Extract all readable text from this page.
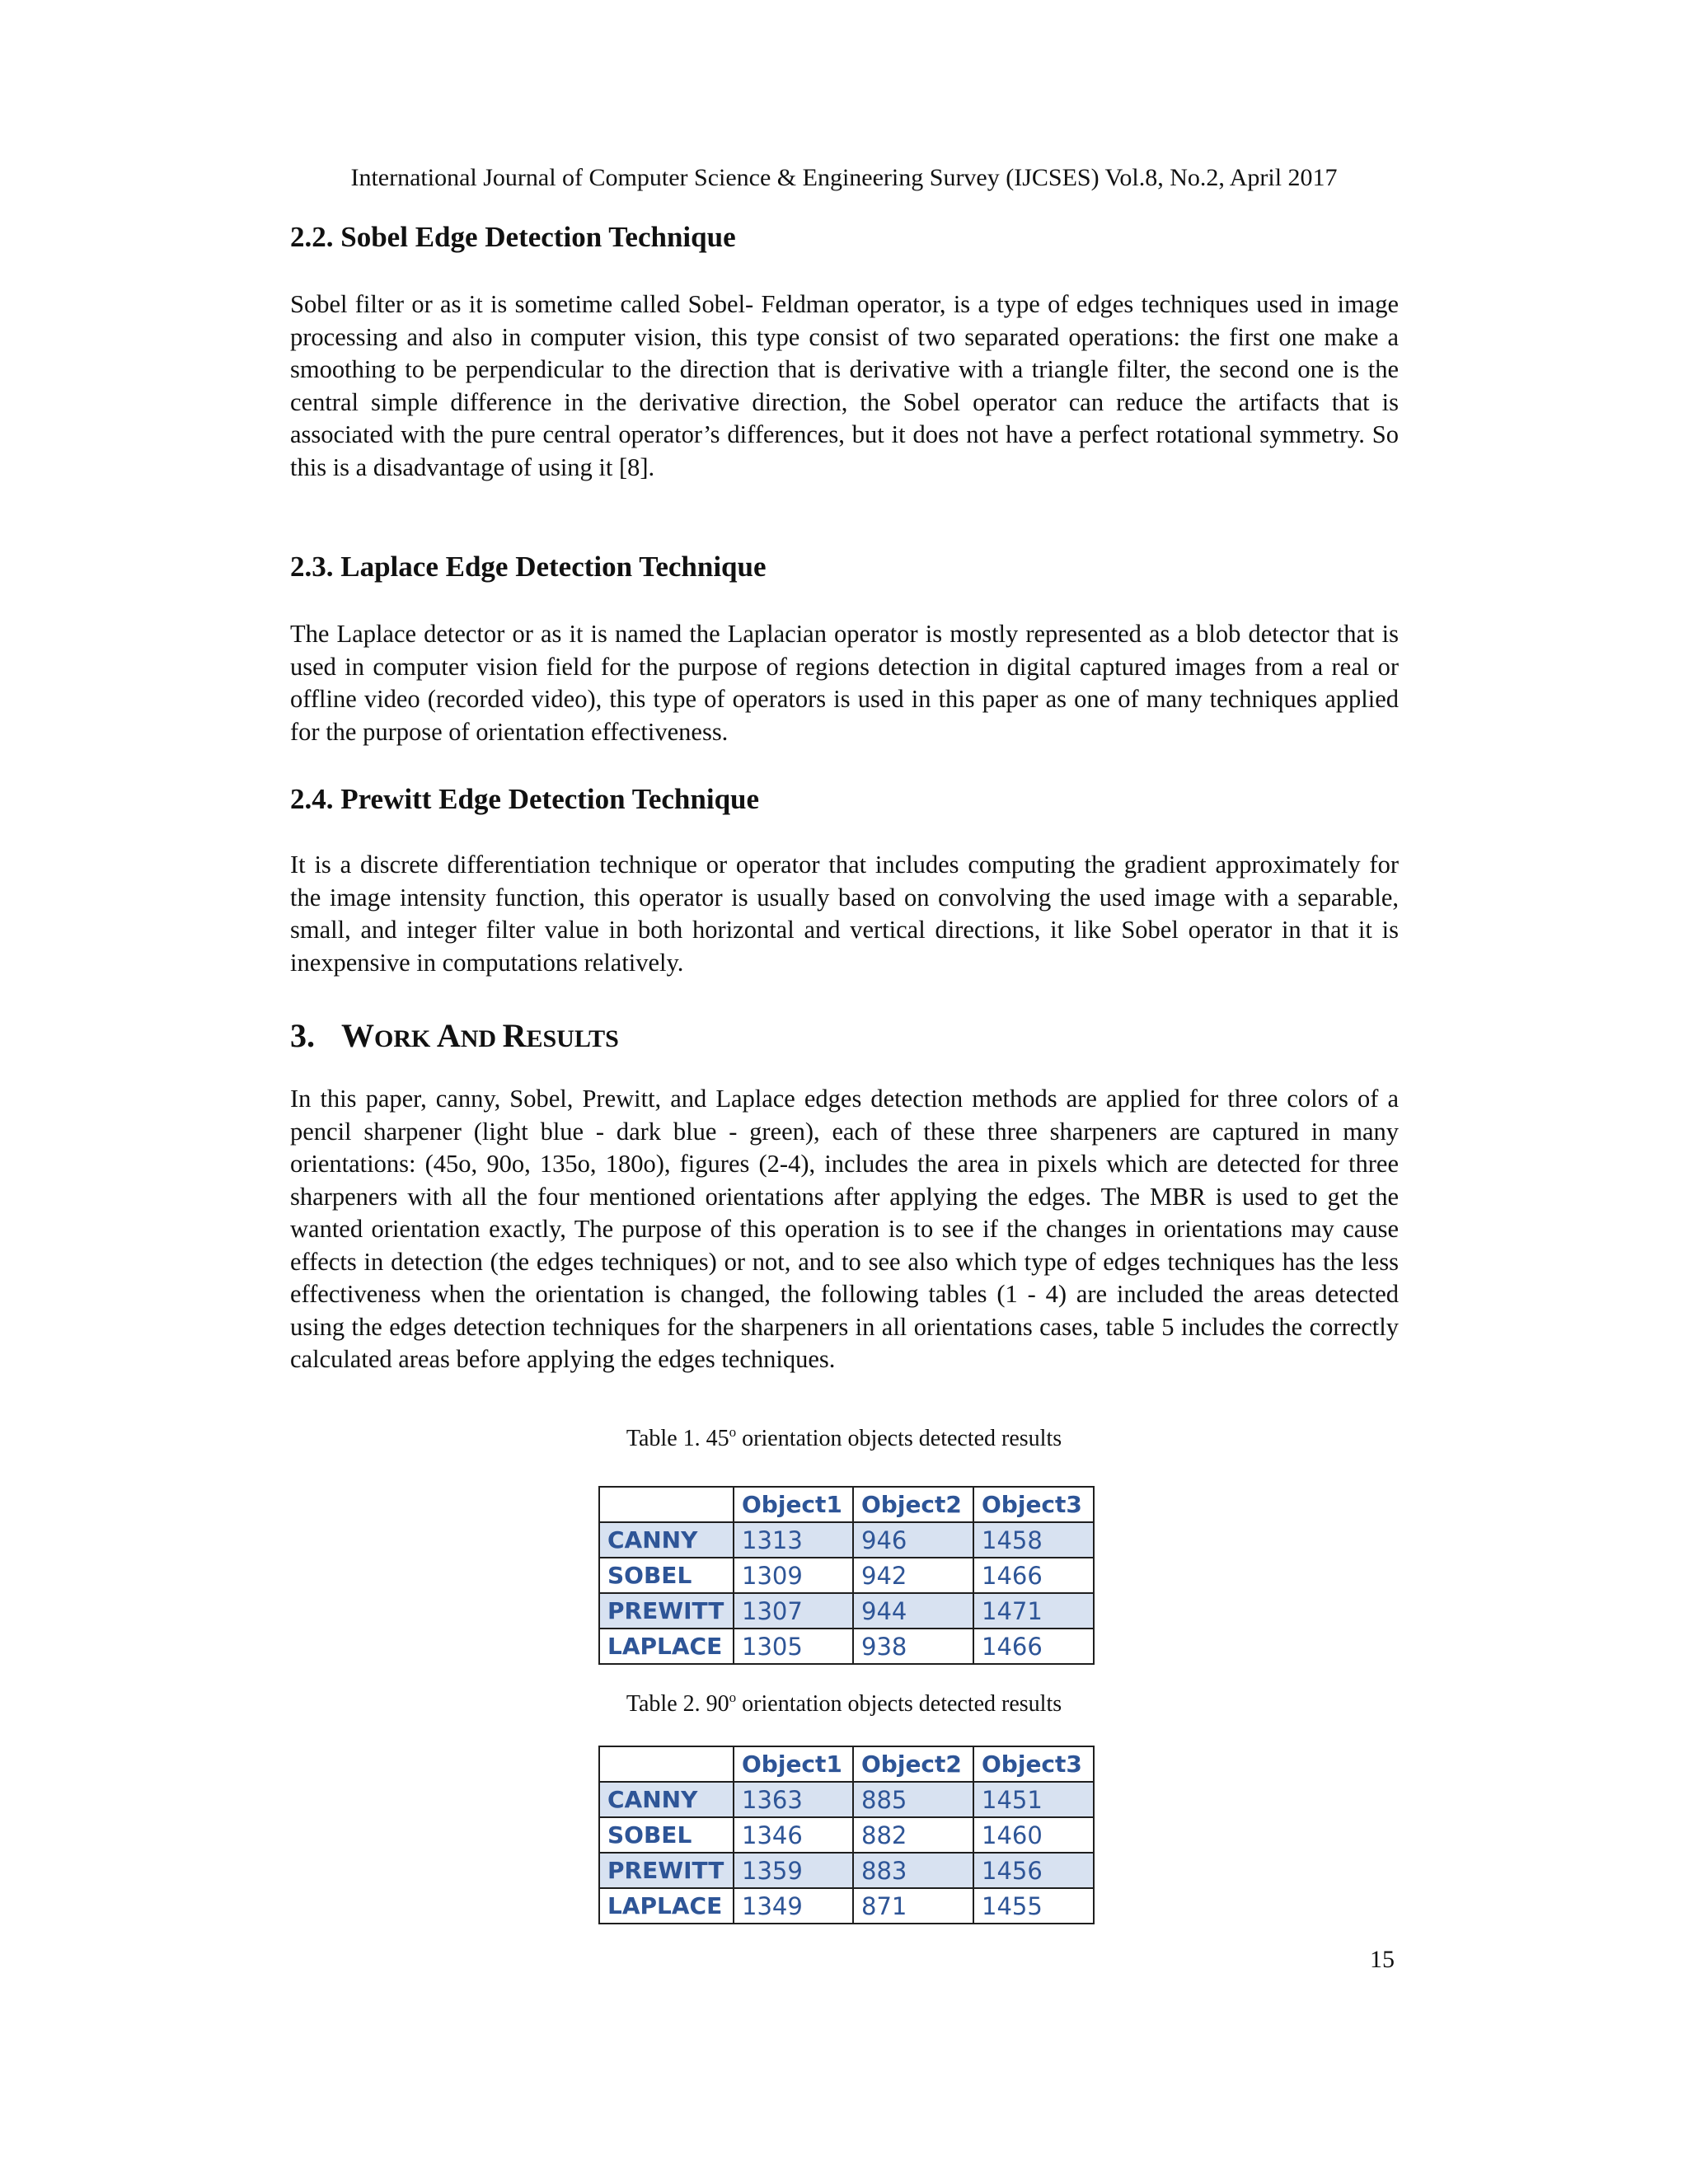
International Journal of Computer Science & Engineering Survey (IJCSES) Vol.8, No.2, April 2017
2.2. Sobel Edge Detection Technique
Sobel filter or as it is sometime called Sobel- Feldman operator, is a type of edges techniques used in image processing and also in computer vision, this type consist of two separated operations: the first one make a smoothing to be perpendicular to the direction that is derivative with a triangle filter, the second one is the central simple difference in the derivative direction, the Sobel operator can reduce the artifacts that is associated with the pure central operator’s differences, but it does not have a perfect rotational symmetry. So this is a disadvantage of using it [8].
2.3. Laplace Edge Detection Technique
The Laplace detector or as it is named the Laplacian operator is mostly represented as a blob detector that is used in computer vision field for the purpose of regions detection in digital captured images from a real or offline video (recorded video), this type of operators is used in this paper as one of many techniques applied for the purpose of orientation effectiveness.
2.4. Prewitt Edge Detection Technique
It is a discrete differentiation technique or operator that includes computing the gradient approximately for the image intensity function, this operator is usually based on convolving the used image with a separable, small, and integer filter value in both horizontal and vertical directions, it like Sobel operator in that it is inexpensive in computations relatively.
3. WORK AND RESULTS
In this paper, canny, Sobel, Prewitt, and Laplace edges detection methods are applied for three colors of a pencil sharpener (light blue - dark blue - green), each of these three sharpeners are captured in many orientations: (45o, 90o, 135o, 180o), figures (2-4), includes the area in pixels which are detected for three sharpeners with all the four mentioned orientations after applying the edges. The MBR is used to get the wanted orientation exactly, The purpose of this operation is to see if the changes in orientations may cause effects in detection (the edges techniques) or not, and to see also which type of edges techniques has the less effectiveness when the orientation is changed, the following tables (1 - 4) are included the areas detected using the edges detection techniques for the sharpeners in all orientations cases, table 5 includes the correctly calculated areas before applying the edges techniques.
Table 1. 45$^o$ orientation objects detected results
	Object1	Object2	Object3
CANNY	1313	946	1458
SOBEL	1309	942	1466
PREWITT	1307	944	1471
LAPLACE	1305	938	1466
Table 2. 90$^o$ orientation objects detected results
	Object1	Object2	Object3
CANNY	1363	885	1451
SOBEL	1346	882	1460
PREWITT	1359	883	1456
LAPLACE	1349	871	1455
15
